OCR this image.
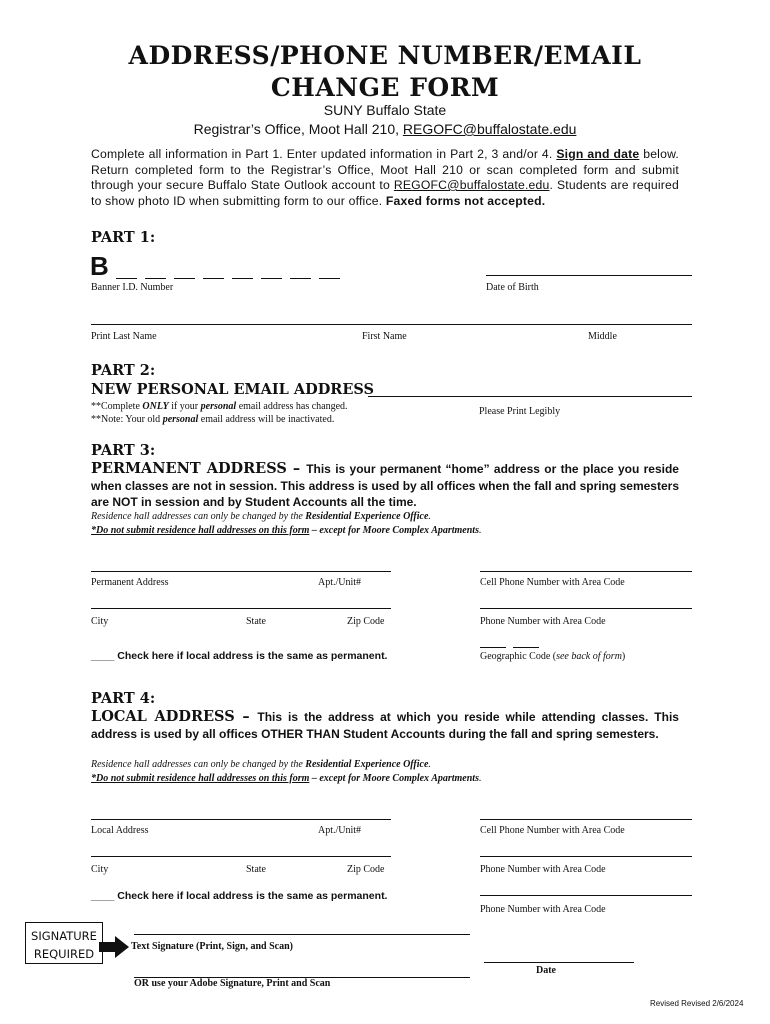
ADDRESS/PHONE NUMBER/EMAIL
CHANGE FORM
SUNY Buffalo State
Registrar’s Office, Moot Hall 210, REGOFC@buffalostate.edu
Complete all information in Part 1. Enter updated information in Part 2, 3 and/or 4. Sign and date below. Return completed form to the Registrar’s Office, Moot Hall 210 or scan completed form and submit through your secure Buffalo State Outlook account to REGOFC@buffalostate.edu. Students are required to show photo ID when submitting form to our office. Faxed forms not accepted.
PART 1:
B
Banner I.D. Number	Date of Birth
Print Last Name	First Name	Middle
PART 2:
NEW PERSONAL EMAIL ADDRESS
**Complete ONLY if your personal email address has changed.
**Note: Your old personal email address will be inactivated.
Please Print Legibly
PART 3:
PERMANENT ADDRESS – This is your permanent “home” address or the place you reside when classes are not in session. This address is used by all offices when the fall and spring semesters are NOT in session and by Student Accounts all the time.
Residence hall addresses can only be changed by the Residential Experience Office.
*Do not submit residence hall addresses on this form – except for Moore Complex Apartments.
Permanent Address	Apt./Unit#	Cell Phone Number with Area Code
City	State	Zip Code	Phone Number with Area Code
____ Check here if local address is the same as permanent.	Geographic Code (see back of form)
PART 4:
LOCAL ADDRESS – This is the address at which you reside while attending classes. This address is used by all offices OTHER THAN Student Accounts during the fall and spring semesters.
Residence hall addresses can only be changed by the Residential Experience Office.
*Do not submit residence hall addresses on this form – except for Moore Complex Apartments.
Local Address	Apt./Unit#	Cell Phone Number with Area Code
City	State	Zip Code	Phone Number with Area Code
____ Check here if local address is the same as permanent.
Phone Number with Area Code
SIGNATURE
REQUIRED
Text Signature (Print, Sign, and Scan)
OR use your Adobe Signature, Print and Scan
Date
Revised Revised 2/6/2024
